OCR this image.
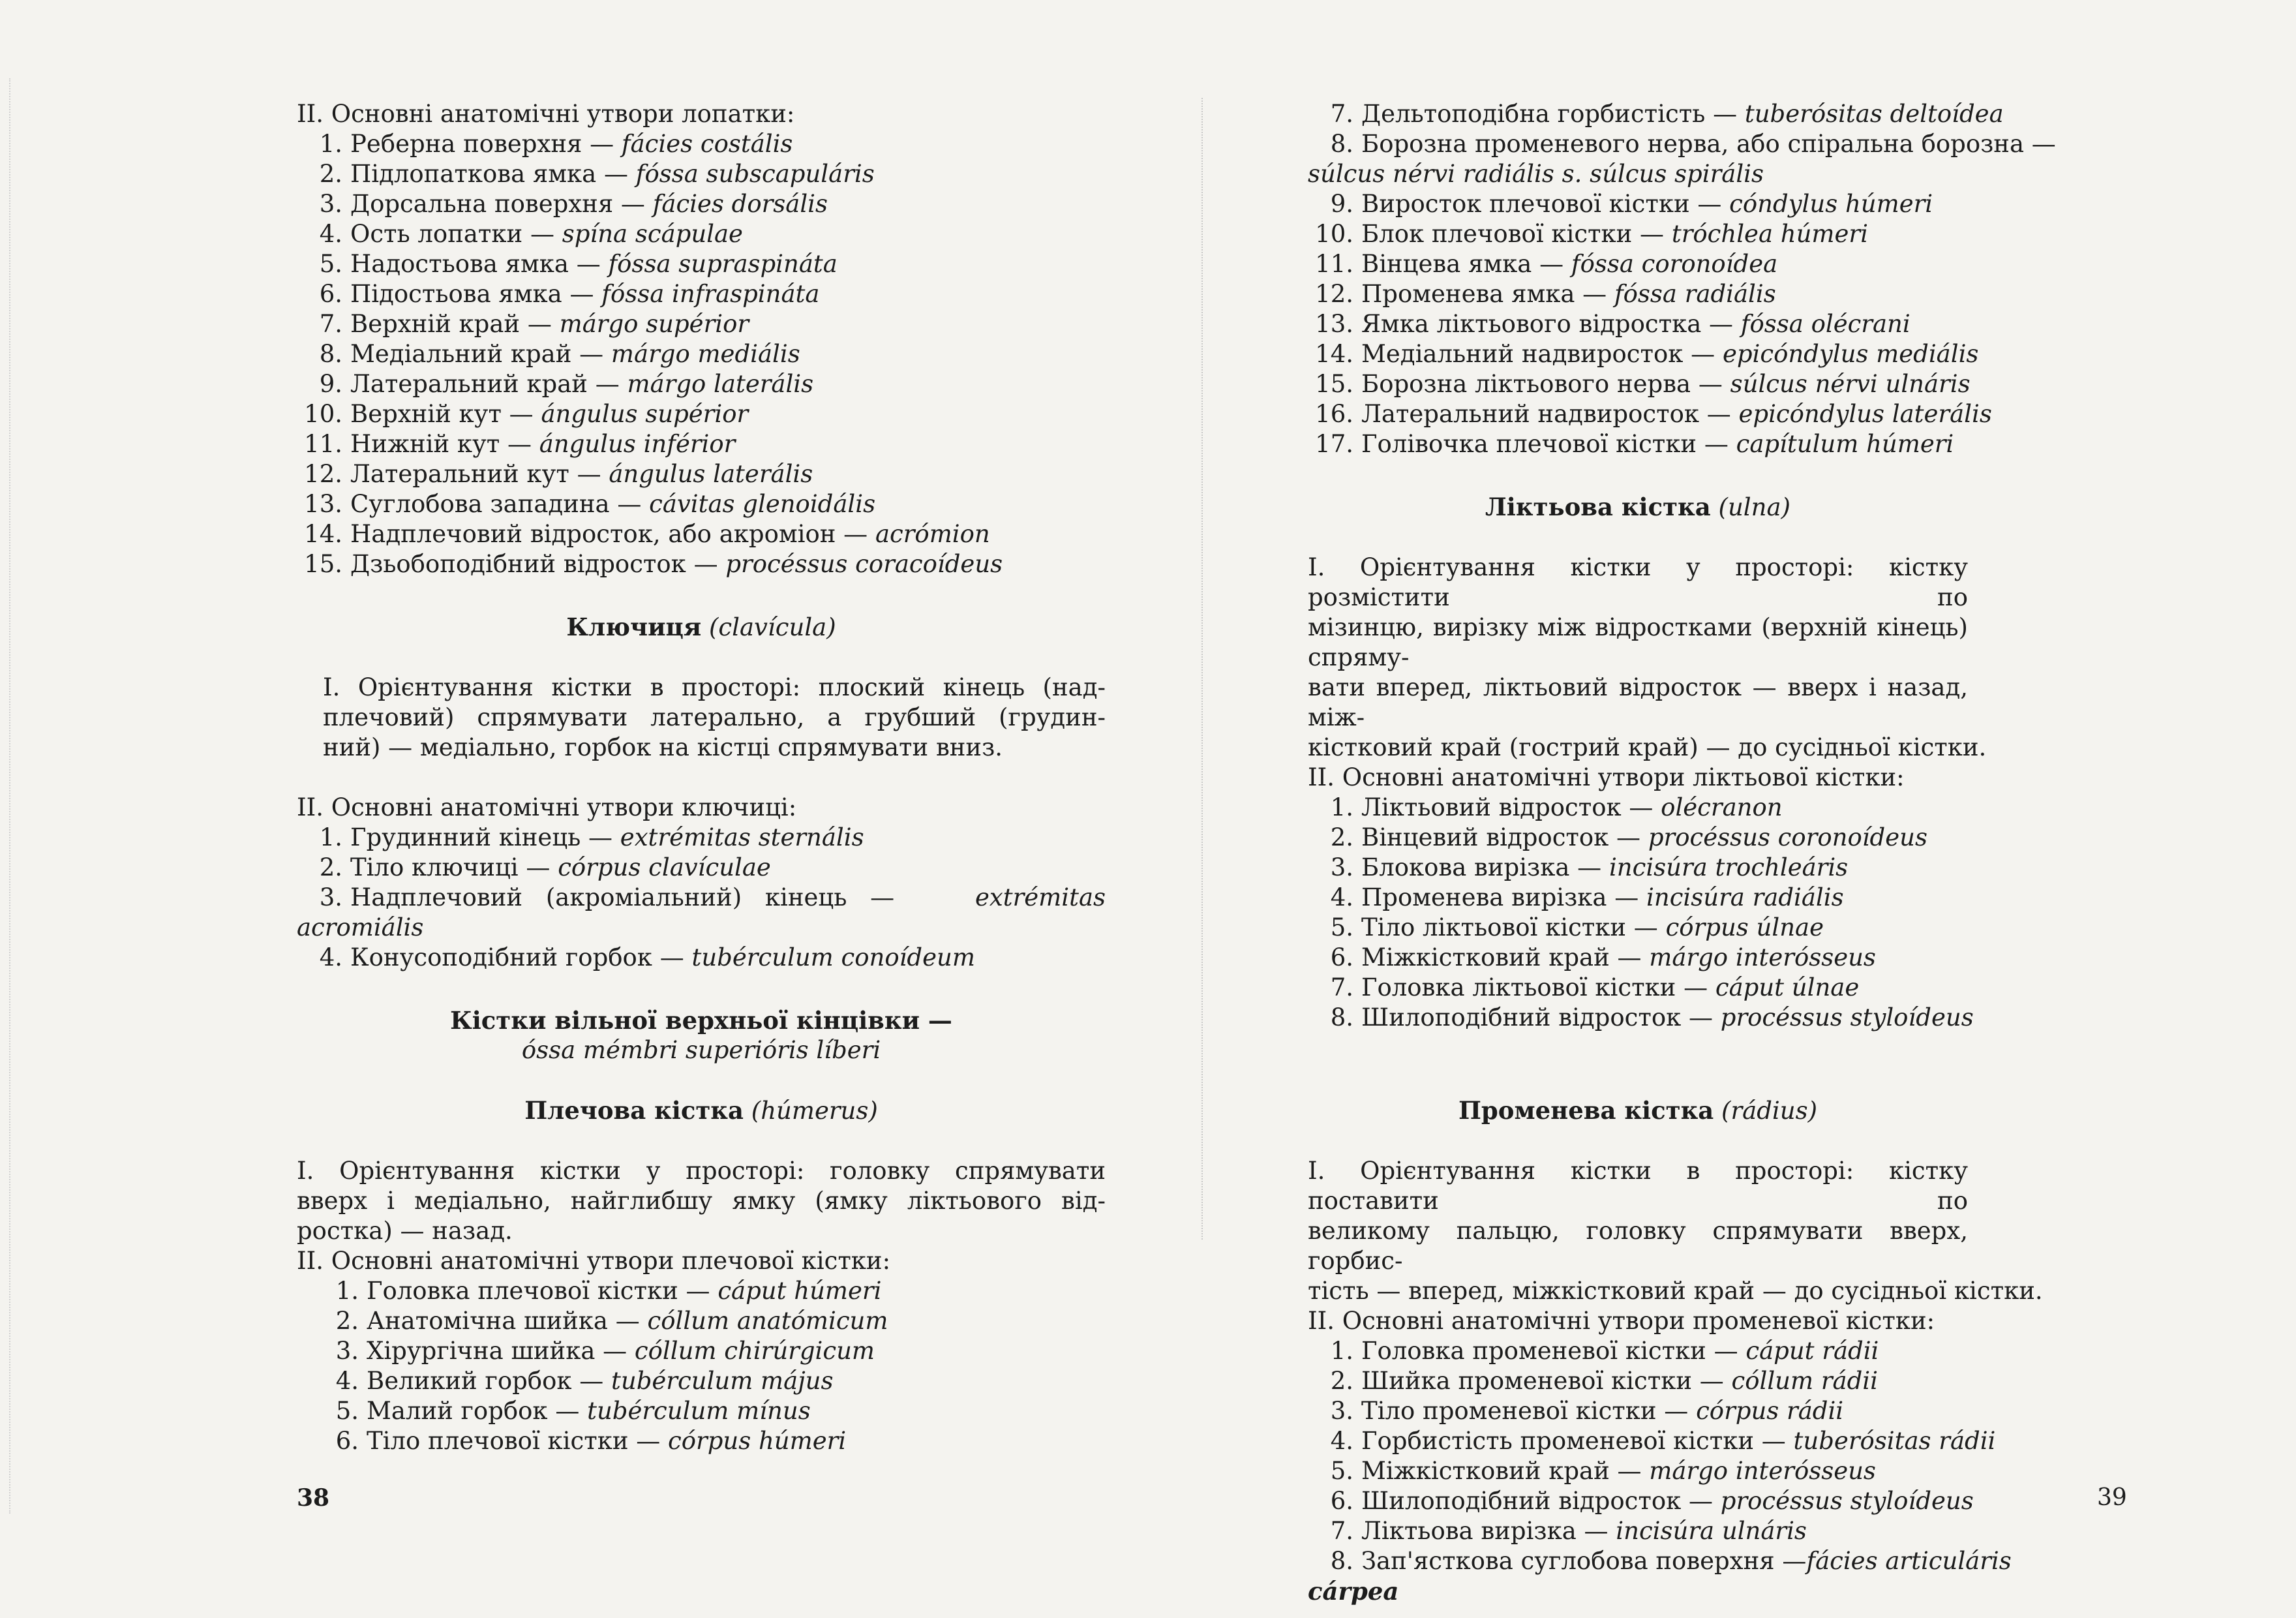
II. Основні анатомічні утвори лопатки:
1. Реберна поверхня — fácies costális
2. Підлопаткова ямка — fóssa subscapuláris
3. Дорсальна поверхня — fácies dorsális
4. Ость лопатки — spína scápulae
5. Надостьова ямка — fóssa supraspináta
6. Підостьова ямка — fóssa infraspináta
7. Верхній край — márgo supérior
8. Медіальний край — márgo mediális
9. Латеральний край — márgo laterális
10. Верхній кут — ángulus supérior
11. Нижній кут — ángulus inférior
12. Латеральний кут — ángulus laterális
13. Суглобова западина — cávitas glenoidális
14. Надплечовий відросток, або акроміон — acrómion
15. Дзьобоподібний відросток — procéssus coracoídeus
Ключиця (clavícula)
I. Орієнтування кістки в просторі: плоский кінець (над-
плечовий) спрямувати латерально, а грубший (грудин-
ний) — медіально, горбок на кістці спрямувати вниз.
II. Основні анатомічні утвори ключиці:
1. Грудинний кінець — extrémitas sternális
2. Тіло ключиці — córpus clavículae
3. Надплечовий (акроміальний) кінець —	extrémitas
acromiális
4. Конусоподібний горбок — tubérculum conoídeum
Кістки вільної верхньої кінцівки —
óssa mémbri superióris líberi
Плечова кістка (húmerus)
I. Орієнтування кістки у просторі: головку спрямувати
вверх і медіально, найглибшу ямку (ямку ліктьового від-
ростка) — назад.
II. Основні анатомічні утвори плечової кістки:
1. Головка плечової кістки — cáput húmeri
2. Анатомічна шийка — cóllum anatómicum
3. Хірургічна шийка — cóllum chirúrgicum
4. Великий горбок — tubérculum május
5. Малий горбок — tubérculum mínus
6. Тіло плечової кістки — córpus húmeri
38
7. Дельтоподібна горбистість — tuberósitas deltoídea
8. Борозна променевого нерва, або спіральна борозна —
súlcus nérvi radiális s. súlcus spirális
9. Виросток плечової кістки — cóndylus húmeri
10. Блок плечової кістки — tróchlea húmeri
11. Вінцева ямка — fóssa coronoídea
12. Променева ямка — fóssa radiális
13. Ямка ліктьового відростка — fóssa olécrani
14. Медіальний надвиросток — epicóndylus mediális
15. Борозна ліктьового нерва — súlcus nérvi ulnáris
16. Латеральний надвиросток — epicóndylus laterális
17. Голівочка плечової кістки — capítulum húmeri
Ліктьова кістка (ulna)
I. Орієнтування кістки у просторі: кістку розмістити по
мізинцю, вирізку між відростками (верхній кінець) спряму-
вати вперед, ліктьовий відросток — вверх і назад, між-
кістковий край (гострий край) — до сусідньої кістки.
II. Основні анатомічні утвори ліктьової кістки:
1. Ліктьовий відросток — olécranon
2. Вінцевий відросток — procéssus coronoídeus
3. Блокова вирізка — incisúra trochleáris
4. Променева вирізка — incisúra radiális
5. Тіло ліктьової кістки — córpus úlnae
6. Міжкістковий край — márgo interósseus
7. Головка ліктьової кістки — cáput úlnae
8. Шилоподібний відросток — procéssus styloídeus
Променева кістка (rádius)
I. Орієнтування кістки в просторі: кістку поставити по
великому пальцю, головку спрямувати вверх, горбис-
тість — вперед, міжкістковий край — до сусідньої кістки.
II. Основні анатомічні утвори променевої кістки:
1. Головка променевої кістки — cáput rádii
2. Шийка променевої кістки — cóllum rádii
3. Тіло променевої кістки — córpus rádii
4. Горбистість променевої кістки — tuberósitas rádii
5. Міжкістковий край — márgo interósseus
6. Шилоподібний відросток — procéssus styloídeus
7. Ліктьова вирізка — incisúra ulnáris
8. Зап'ясткова суглобова поверхня — fácies articuláris
cárpea
39
